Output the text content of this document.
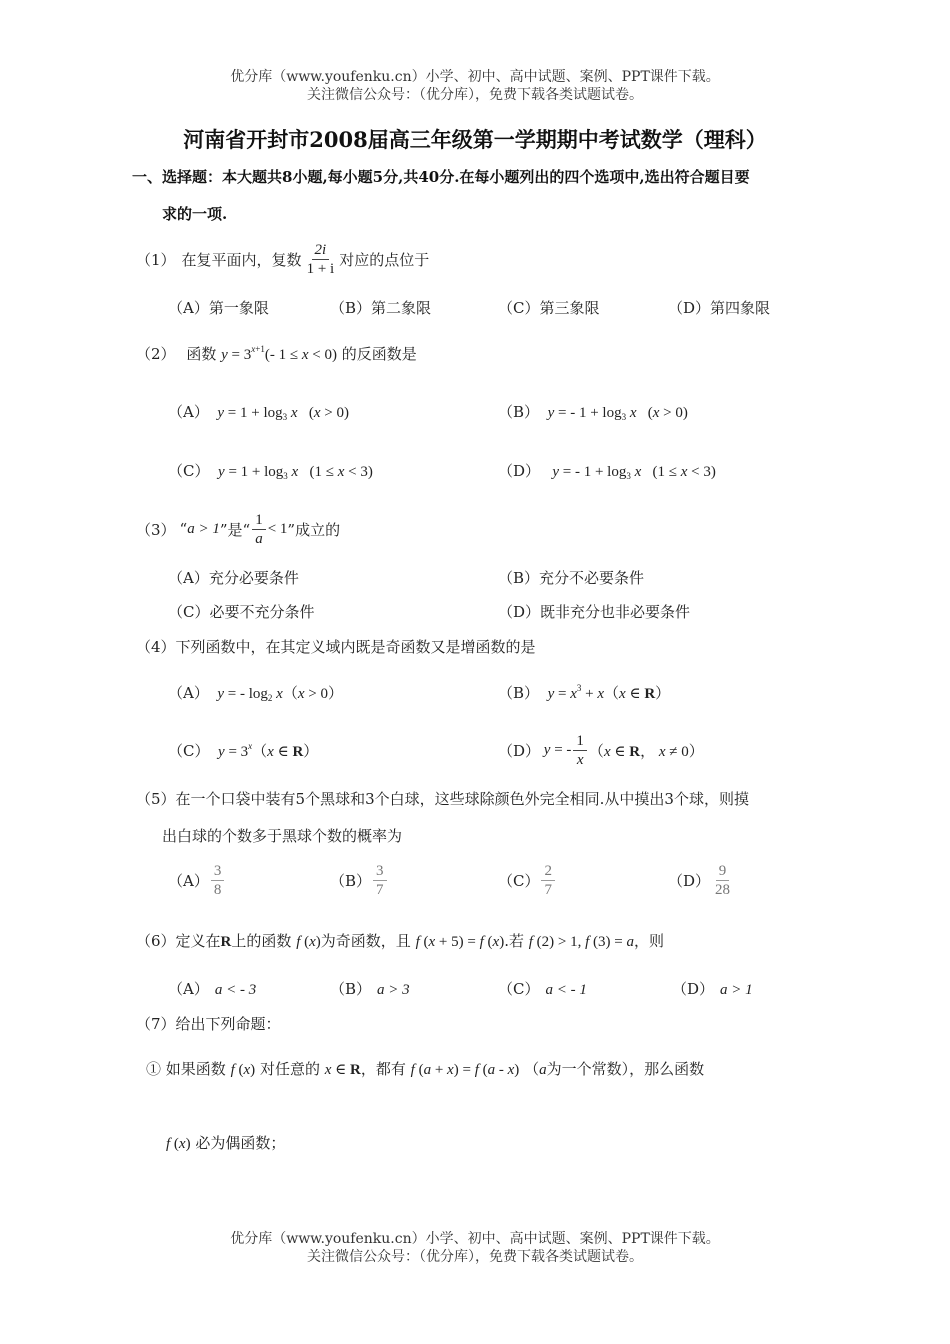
优分库（www.youfenku.cn）小学、初中、高中试题、案例、PPT课件下载。
关注微信公众号：（优分库），免费下载各类试题试卷。
河南省开封市2008届高三年级第一学期期中考试数学（理科）
一、选择题：本大题共8小题,每小题5分,共40分.在每小题列出的四个选项中,选出符合题目要
求的一项.
（1） 在复平面内，复数 $\frac{2i}{1 + i}$ 对应的点位于
（A）第一象限	（B）第二象限	（C）第三象限	（D）第四象限
（2） 函数 $y = 3^{x+1}(-$ 1 ≤ x < 0) 的反函数是
（A） $y = 1 + \log_3 x$   (x > 0)	（B） y = - $1 + \log_3 x$   (x > 0)
（C） $y = 1 + \log_3 x$   (1 ≤ x < 3)	（D） y = - $1 + \log_3 x$   (1 ≤ x < 3)
（3） “ a > 1 ”是“ $\frac{1}{a} < 1$ ”成立的
（A）充分必要条件	（B）充分不必要条件
（C）必要不充分条件	（D）既非充分也非必要条件
（4）下列函数中，在其定义域内既是奇函数又是增函数的是
（A） y = - $\log_2 x(x > 0)$	（B） $y = x^3 + x(x$ ∈ R）
（C） $y = 3^x(x$ ∈ R）	（D） y = - $\frac{1}{x} (x$ ∈ R， x ≠ 0）
（5）在一个口袋中装有5个黑球和3个白球，这些球除颜色外完全相同.从中摸出3个球，则摸
出白球的个数多于黑球个数的概率为
$(A) \frac{3}{8}$	$(B) \frac{3}{7}$	$(C) \frac{2}{7}$	$(D) \frac{9}{28}$
（6）定义在R上的函数 f (x)为奇函数，且 f (x + 5) = f (x).若 f (2) > 1, f (3) = a，则
（A） a < - 3	（B） a > 3	（C） a < - 1	（D） a > 1
（7）给出下列命题：
① 如果函数 f (x) 对任意的 x ∈ R，都有 f (a + x) = f (a - x) （a为一个常数），那么函数
f (x) 必为偶函数；
优分库（www.youfenku.cn）小学、初中、高中试题、案例、PPT课件下载。
关注微信公众号：（优分库），免费下载各类试题试卷。
